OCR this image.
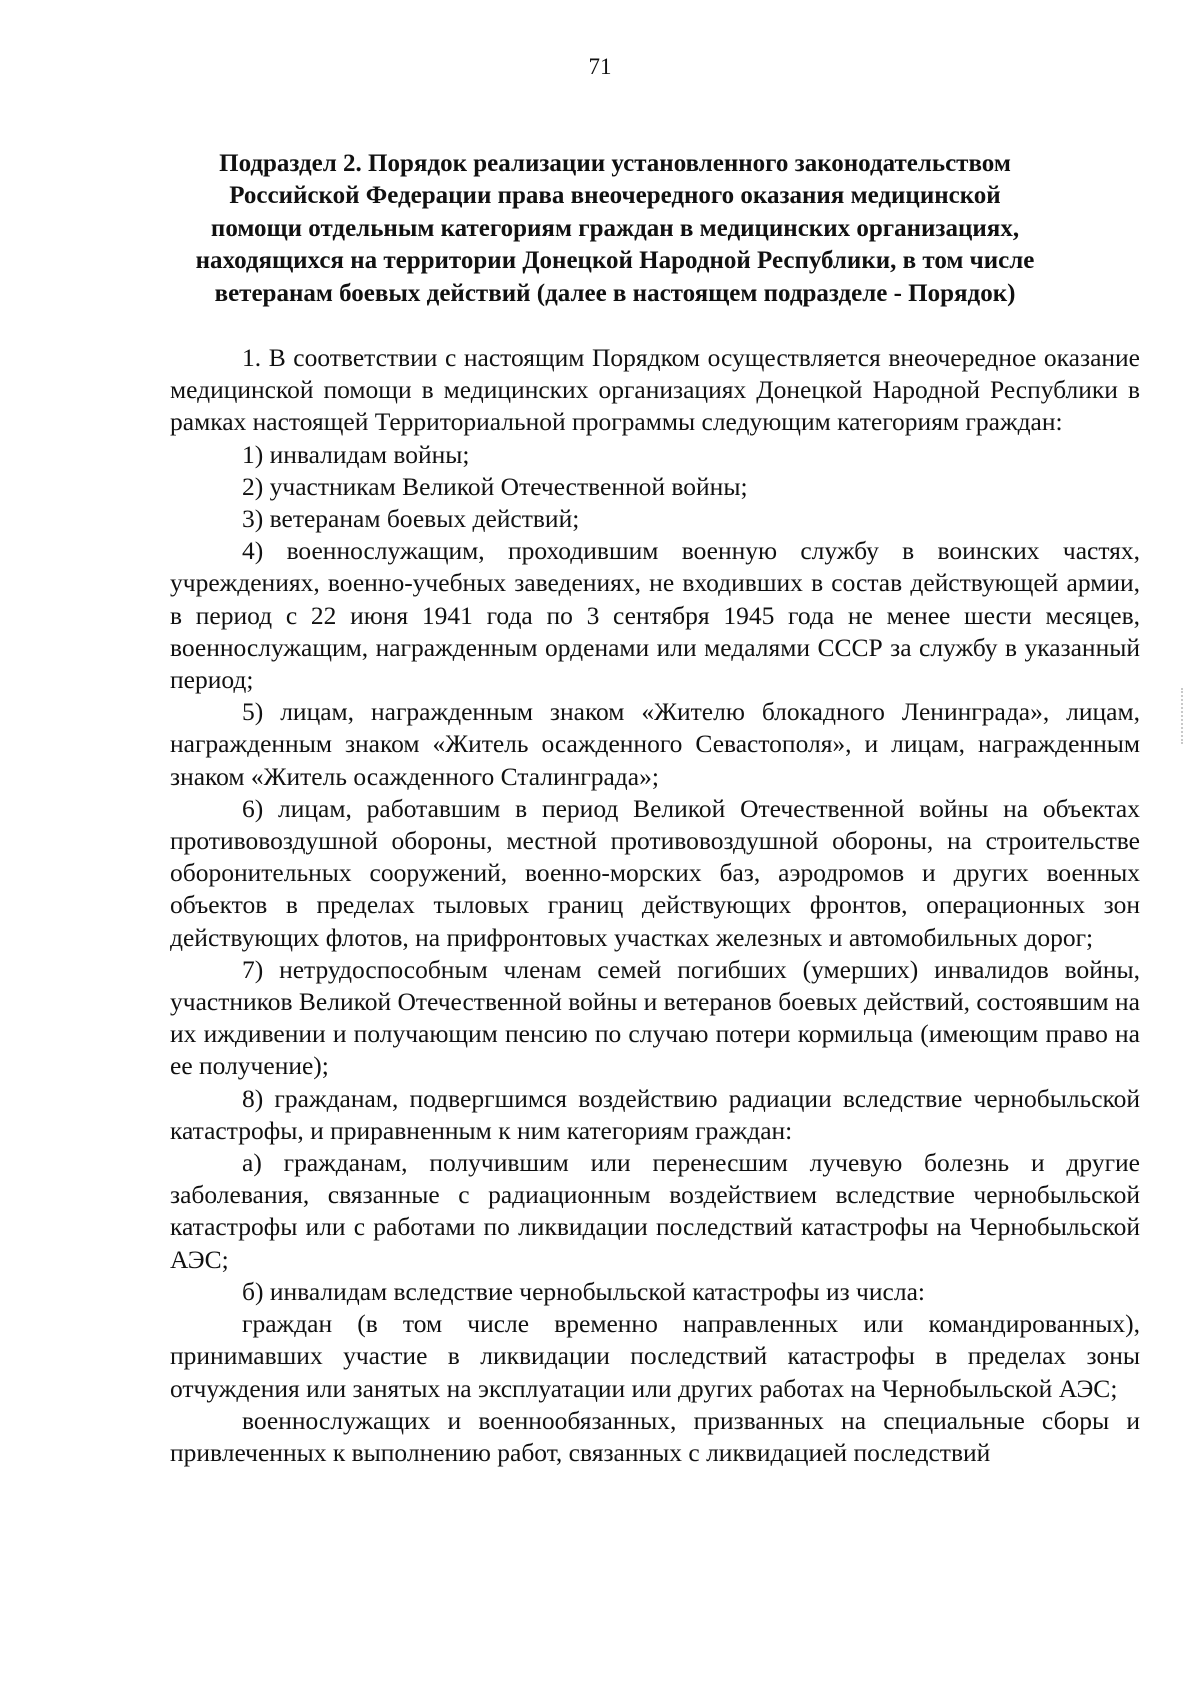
71
Подраздел 2. Порядок реализации установленного законодательством
Российской Федерации права внеочередного оказания медицинской
помощи отдельным категориям граждан в медицинских организациях,
находящихся на территории Донецкой Народной Республики, в том числе
ветеранам боевых действий (далее в настоящем подразделе - Порядок)

1. В соответствии с настоящим Порядком осуществляется внеочередное оказание медицинской помощи в медицинских организациях Донецкой Народной Республики в рамках настоящей Территориальной программы следующим категориям граждан:

1) инвалидам войны;

2) участникам Великой Отечественной войны;

3) ветеранам боевых действий;

4) военнослужащим, проходившим военную службу в воинских частях, учреждениях, военно-учебных заведениях, не входивших в состав действующей армии, в период с 22 июня 1941 года по 3 сентября 1945 года не менее шести месяцев, военнослужащим, награжденным орденами или медалями СССР за службу в указанный период;

5) лицам, награжденным знаком «Жителю блокадного Ленинграда», лицам, награжденным знаком «Житель осажденного Севастополя», и лицам, награжденным знаком «Житель осажденного Сталинграда»;

6) лицам, работавшим в период Великой Отечественной войны на объектах противовоздушной обороны, местной противовоздушной обороны, на строительстве оборонительных сооружений, военно-морских баз, аэродромов и других военных объектов в пределах тыловых границ действующих фронтов, операционных зон действующих флотов, на прифронтовых участках железных и автомобильных дорог;

7) нетрудоспособным членам семей погибших (умерших) инвалидов войны, участников Великой Отечественной войны и ветеранов боевых действий, состоявшим на их иждивении и получающим пенсию по случаю потери кормильца (имеющим право на ее получение);

8) гражданам, подвергшимся воздействию радиации вследствие чернобыльской катастрофы, и приравненным к ним категориям граждан:

а) гражданам, получившим или перенесшим лучевую болезнь и другие заболевания, связанные с радиационным воздействием вследствие чернобыльской катастрофы или с работами по ликвидации последствий катастрофы на Чернобыльской АЭС;

б) инвалидам вследствие чернобыльской катастрофы из числа:

граждан (в том числе временно направленных или командированных), принимавших участие в ликвидации последствий катастрофы в пределах зоны отчуждения или занятых на эксплуатации или других работах на Чернобыльской АЭС;

военнослужащих и военнообязанных, призванных на специальные сборы и привлеченных к выполнению работ, связанных с ликвидацией последствий
